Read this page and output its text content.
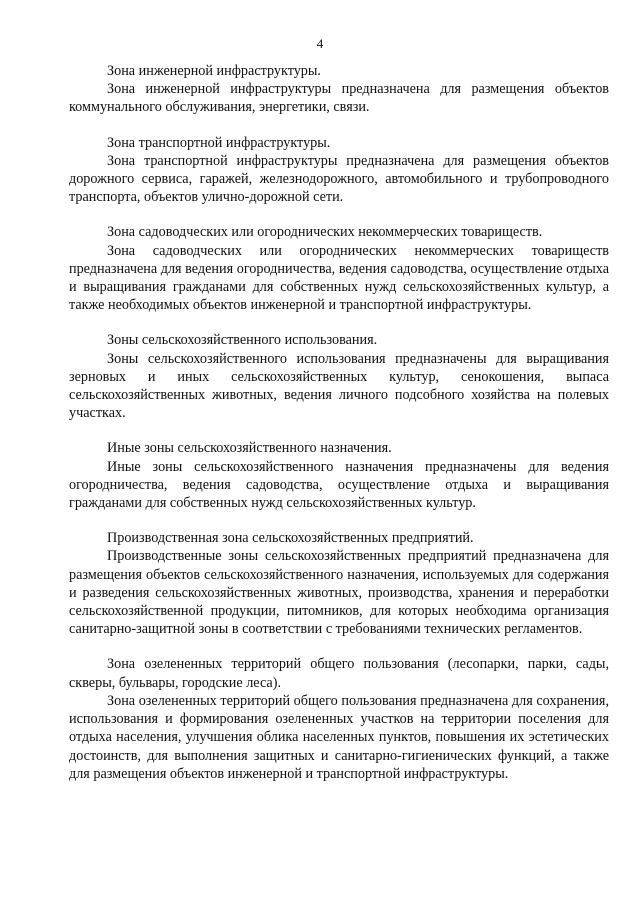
4

Зона инженерной инфраструктуры.

Зона инженерной инфраструктуры предназначена для размещения объектов коммунального обслуживания, энергетики, связи.

Зона транспортной инфраструктуры.

Зона транспортной инфраструктуры предназначена для размещения объектов дорожного сервиса, гаражей, железнодорожного, автомобильного и трубопроводного транспорта, объектов улично-дорожной сети.

Зона садоводческих или огороднических некоммерческих товариществ.

Зона садоводческих или огороднических некоммерческих товариществ предназначена для ведения огородничества, ведения садоводства, осуществление отдыха и выращивания гражданами для собственных нужд сельскохозяйственных культур, а также необходимых объектов инженерной и транспортной инфраструктуры.

Зоны сельскохозяйственного использования.

Зоны сельскохозяйственного использования предназначены для выращивания зерновых и иных сельскохозяйственных культур, сенокошения, выпаса сельскохозяйственных животных, ведения личного подсобного хозяйства на полевых участках.

Иные зоны сельскохозяйственного назначения.

Иные зоны сельскохозяйственного назначения предназначены для ведения огородничества, ведения садоводства, осуществление отдыха и выращивания гражданами для собственных нужд сельскохозяйственных культур.

Производственная зона сельскохозяйственных предприятий.

Производственные зоны сельскохозяйственных предприятий предназначена для размещения объектов сельскохозяйственного назначения, используемых для содержания и разведения сельскохозяйственных животных, производства, хранения и переработки сельскохозяйственной продукции, питомников, для которых необходима организация санитарно-защитной зоны в соответствии с требованиями технических регламентов.

Зона озелененных территорий общего пользования (лесопарки, парки, сады, скверы, бульвары, городские леса).

Зона озелененных территорий общего пользования предназначена для сохранения, использования и формирования озелененных участков на территории поселения для отдыха населения, улучшения облика населенных пунктов, повышения их эстетических достоинств, для выполнения защитных и санитарно-гигиенических функций, а также для размещения объектов инженерной и транспортной инфраструктуры.
